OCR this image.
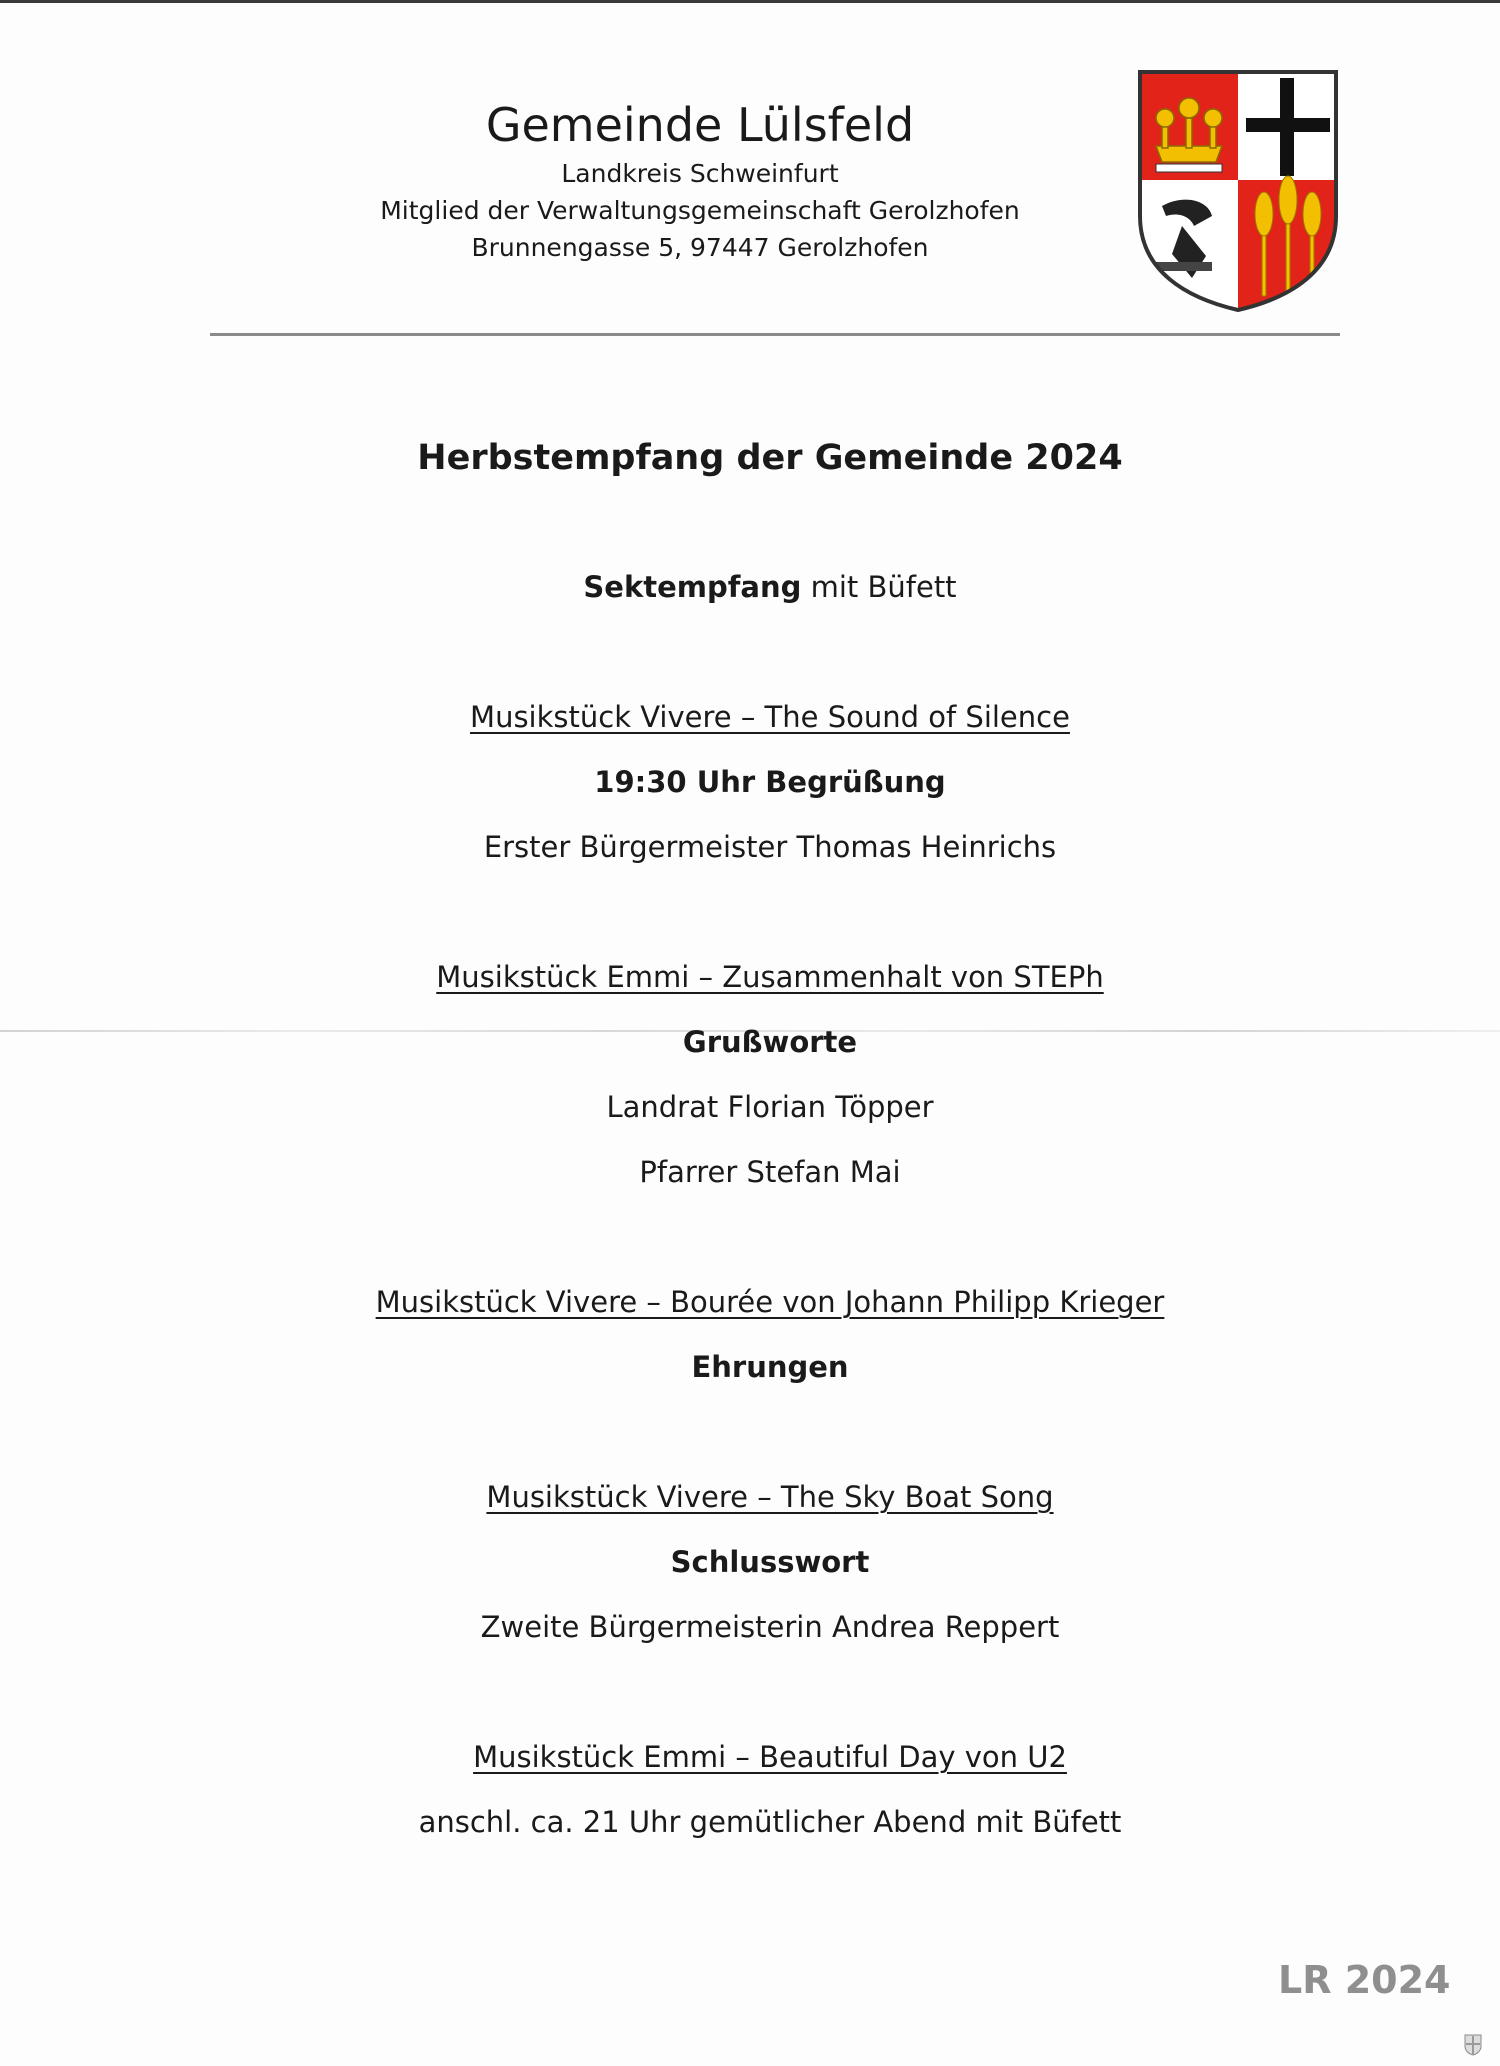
Gemeinde Lülsfeld
Landkreis Schweinfurt
Mitglied der Verwaltungsgemeinschaft Gerolzhofen
Brunnengasse 5, 97447 Gerolzhofen
Herbstempfang der Gemeinde 2024
Sektempfang mit Büfett
Musikstück Vivere – The Sound of Silence
19:30 Uhr Begrüßung
Erster Bürgermeister Thomas Heinrichs
Musikstück Emmi – Zusammenhalt von STEPh
Grußworte
Landrat Florian Töpper
Pfarrer Stefan Mai
Musikstück Vivere – Bourée von Johann Philipp Krieger
Ehrungen
Musikstück Vivere – The Sky Boat Song
Schlusswort
Zweite Bürgermeisterin Andrea Reppert
Musikstück Emmi – Beautiful Day von U2
anschl. ca. 21 Uhr gemütlicher Abend mit Büfett
LR 2024
